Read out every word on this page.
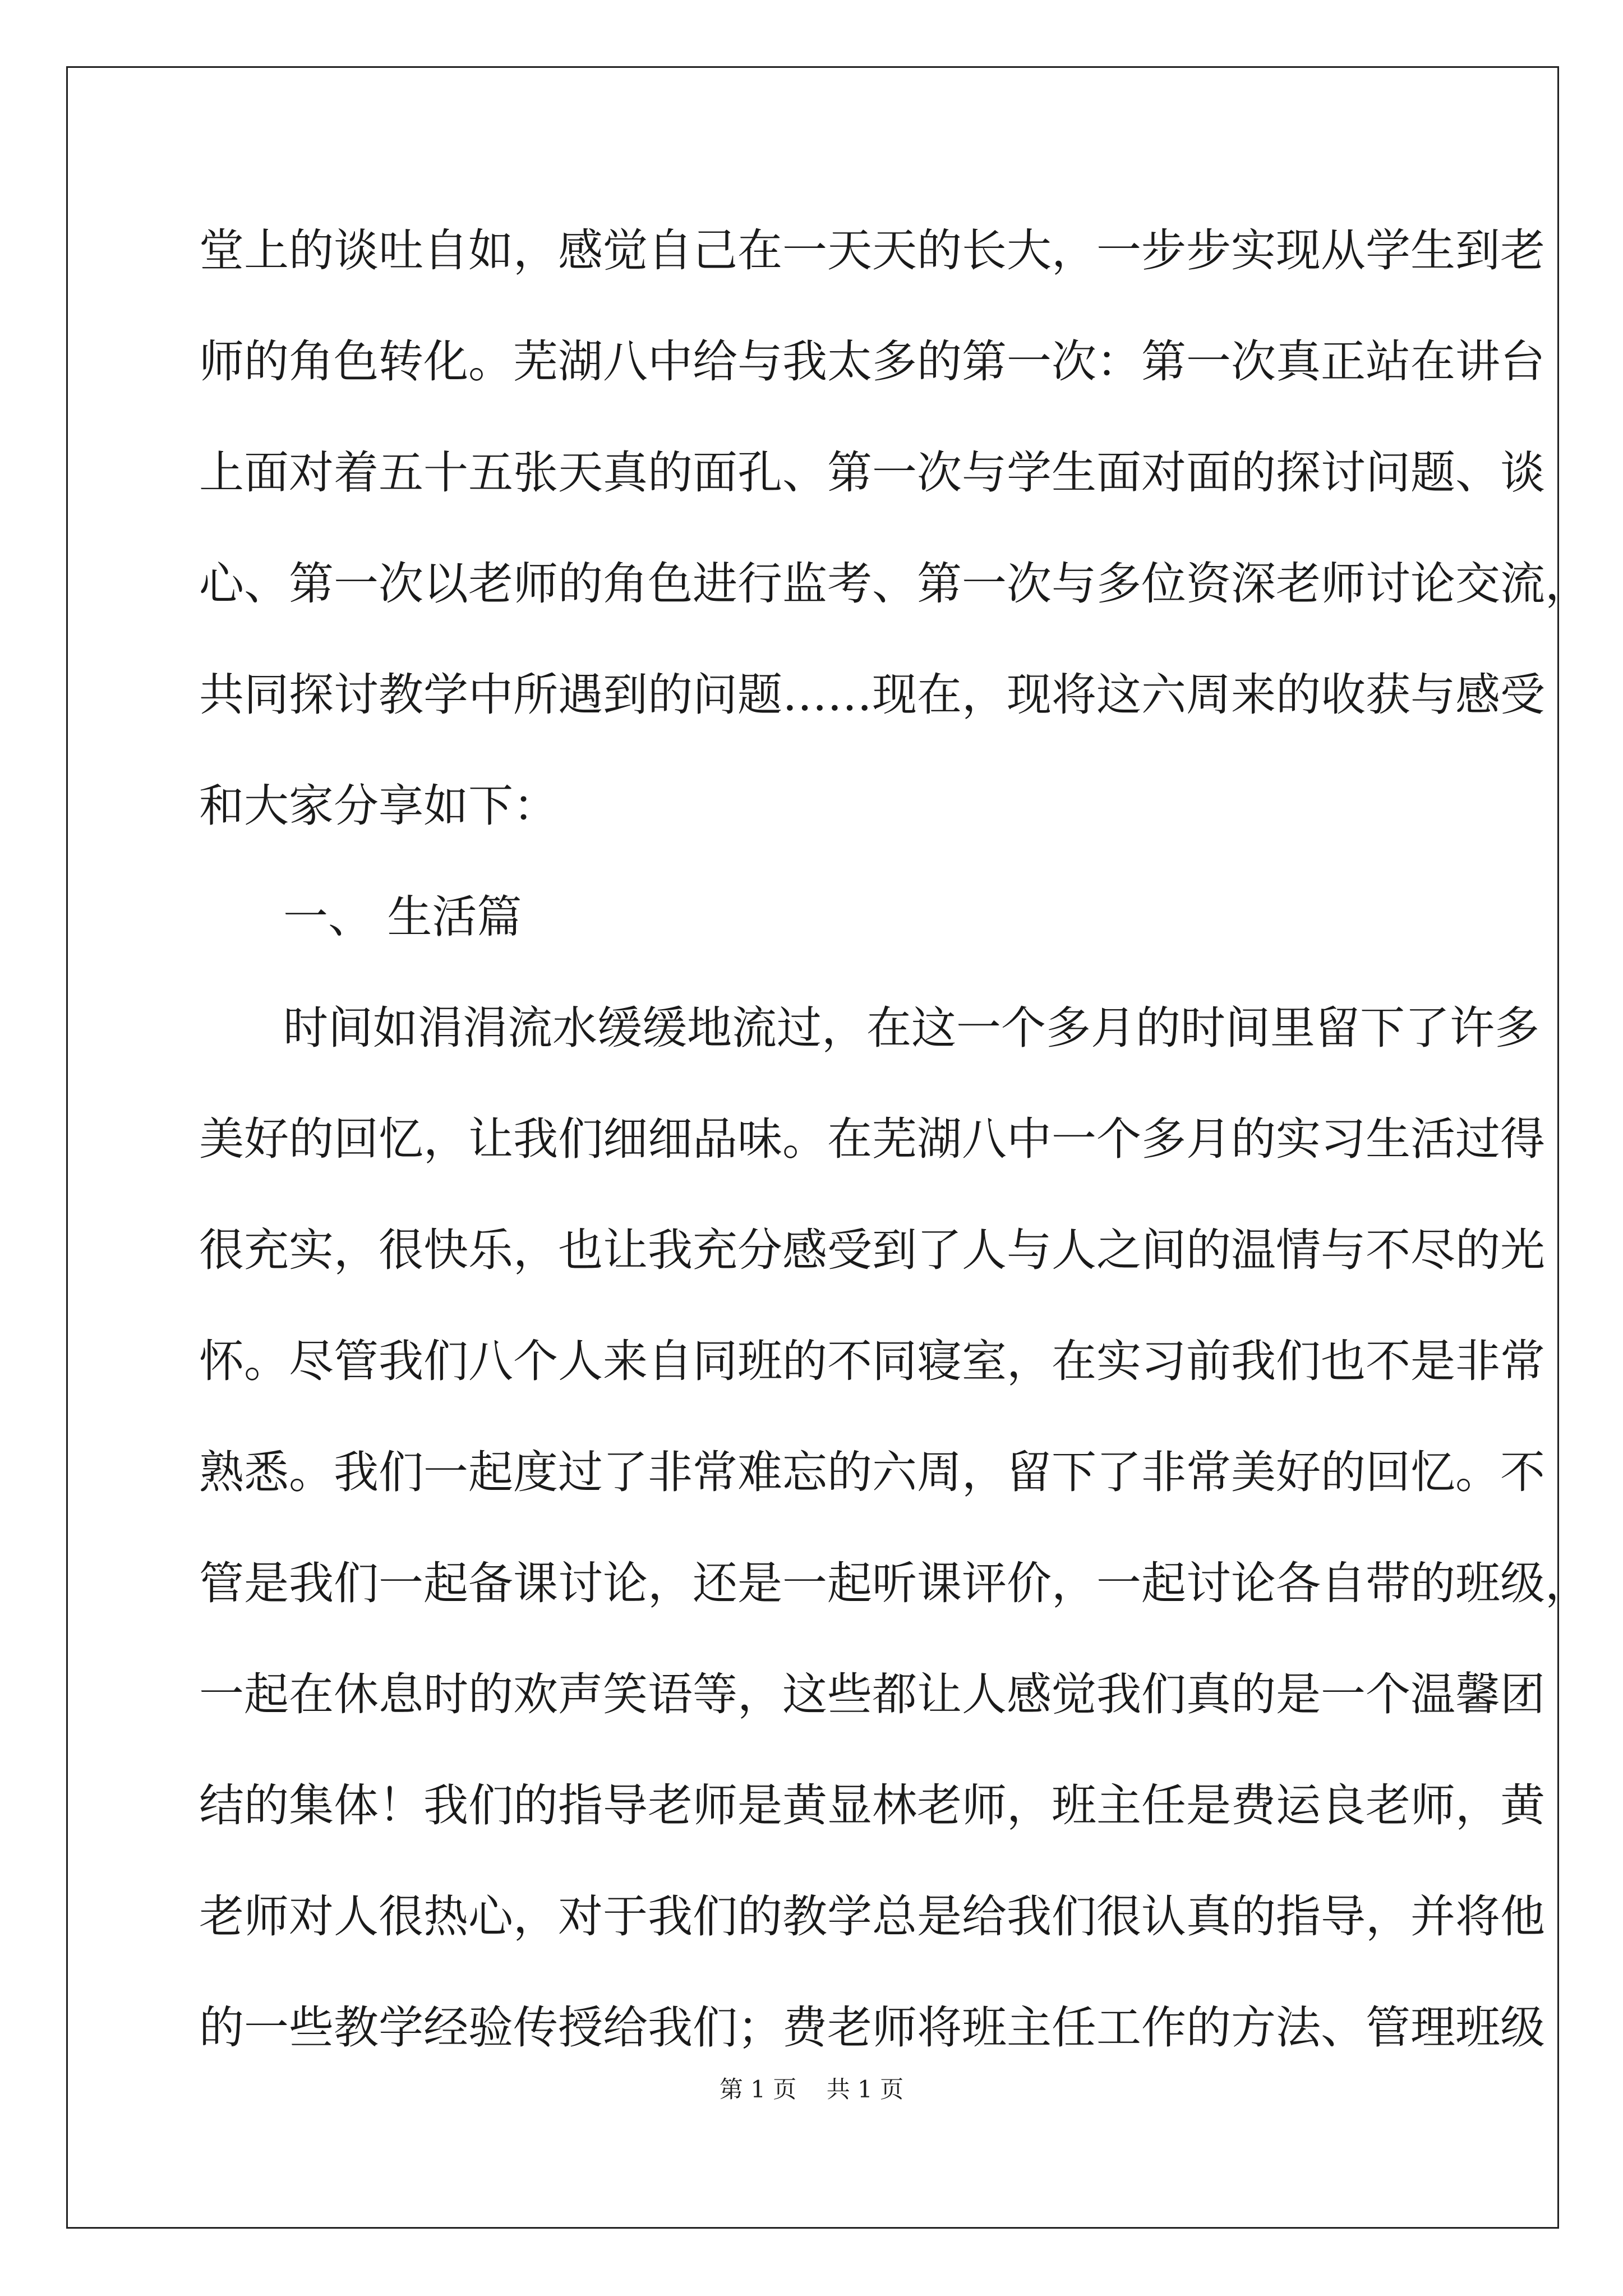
堂上的谈吐自如，感觉自己在一天天的长大，一步步实现从学生到老
师的角色转化。芜湖八中给与我太多的第一次：第一次真正站在讲台
上面对着五十五张天真的面孔、第一次与学生面对面的探讨问题、谈
心、第一次以老师的角色进行监考、第一次与多位资深老师讨论交流，
共同探讨教学中所遇到的问题……现在，现将这六周来的收获与感受
和大家分享如下：
一、 生活篇
时间如涓涓流水缓缓地流过，在这一个多月的时间里留下了许多
美好的回忆，让我们细细品味。在芜湖八中一个多月的实习生活过得
很充实，很快乐，也让我充分感受到了人与人之间的温情与不尽的光
怀。尽管我们八个人来自同班的不同寝室，在实习前我们也不是非常
熟悉。我们一起度过了非常难忘的六周，留下了非常美好的回忆。不
管是我们一起备课讨论，还是一起听课评价，一起讨论各自带的班级，
一起在休息时的欢声笑语等，这些都让人感觉我们真的是一个温馨团
结的集体！我们的指导老师是黄显林老师，班主任是费运良老师，黄
老师对人很热心，对于我们的教学总是给我们很认真的指导，并将他
的一些教学经验传授给我们；费老师将班主任工作的方法、管理班级
第 1 页 共 1 页
